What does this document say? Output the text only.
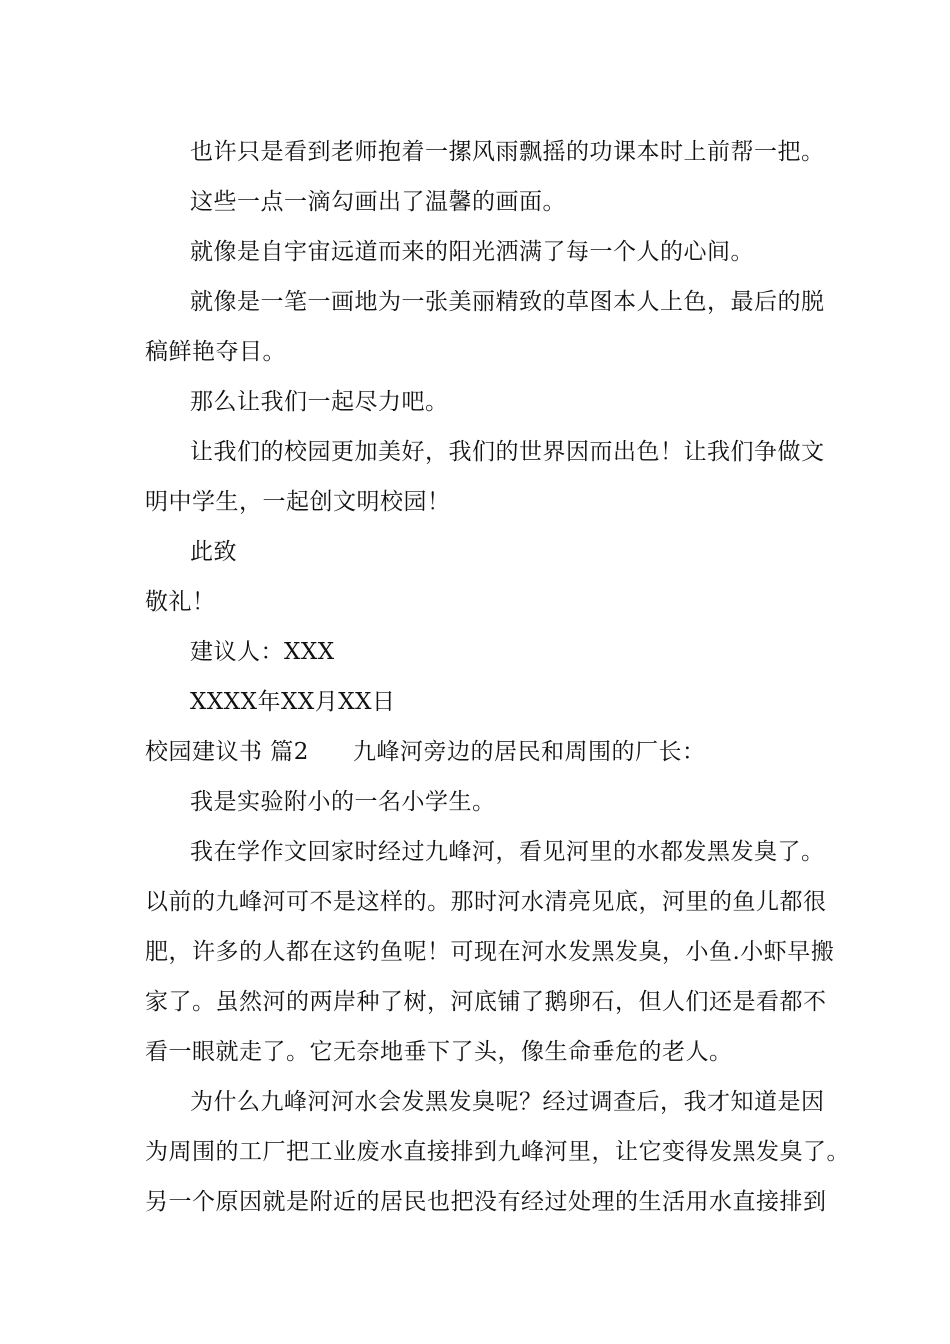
也许只是看到老师抱着一摞风雨飘摇的功课本时上前帮一把。
这些一点一滴勾画出了温馨的画面。
就像是自宇宙远道而来的阳光洒满了每一个人的心间。
就像是一笔一画地为一张美丽精致的草图本人上色，最后的脱
稿鲜艳夺目。
那么让我们一起尽力吧。
让我们的校园更加美好，我们的世界因而出色！让我们争做文
明中学生，一起创文明校园！
此致
敬礼！
建议人：XXX
XXXX年XX月XX日
校园建议书 篇2 九峰河旁边的居民和周围的厂长：
我是实验附小的一名小学生。
我在学作文回家时经过九峰河，看见河里的水都发黑发臭了。
以前的九峰河可不是这样的。那时河水清亮见底，河里的鱼儿都很
肥，许多的人都在这钓鱼呢！可现在河水发黑发臭，小鱼.小虾早搬
家了。虽然河的两岸种了树，河底铺了鹅卵石，但人们还是看都不
看一眼就走了。它无奈地垂下了头，像生命垂危的老人。
为什么九峰河河水会发黑发臭呢？经过调查后，我才知道是因
为周围的工厂把工业废水直接排到九峰河里，让它变得发黑发臭了。
另一个原因就是附近的居民也把没有经过处理的生活用水直接排到
